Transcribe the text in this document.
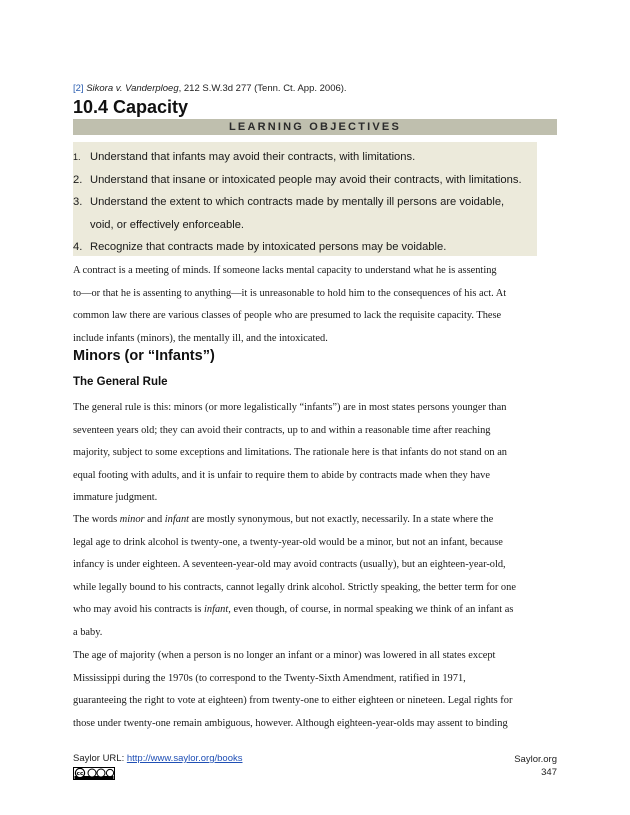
[2] Sikora v. Vanderploeg, 212 S.W.3d 277 (Tenn. Ct. App. 2006).
10.4 Capacity
LEARNING OBJECTIVES
1. Understand that infants may avoid their contracts, with limitations.
2. Understand that insane or intoxicated people may avoid their contracts, with limitations.
3. Understand the extent to which contracts made by mentally ill persons are voidable,
void, or effectively enforceable.
4. Recognize that contracts made by intoxicated persons may be voidable.

A contract is a meeting of minds. If someone lacks mental capacity to understand what he is assenting
to—or that he is assenting to anything—it is unreasonable to hold him to the consequences of his act. At
common law there are various classes of people who are presumed to lack the requisite capacity. These
include infants (minors), the mentally ill, and the intoxicated.

Minors (or “Infants”)
The General Rule

The general rule is this: minors (or more legalistically “infants”) are in most states persons younger than
seventeen years old; they can avoid their contracts, up to and within a reasonable time after reaching
majority, subject to some exceptions and limitations. The rationale here is that infants do not stand on an
equal footing with adults, and it is unfair to require them to abide by contracts made when they have
immature judgment.

The words minor and infant are mostly synonymous, but not exactly, necessarily. In a state where the
legal age to drink alcohol is twenty-one, a twenty-year-old would be a minor, but not an infant, because
infancy is under eighteen. A seventeen-year-old may avoid contracts (usually), but an eighteen-year-old,
while legally bound to his contracts, cannot legally drink alcohol. Strictly speaking, the better term for one
who may avoid his contracts is infant, even though, of course, in normal speaking we think of an infant as
a baby.

The age of majority (when a person is no longer an infant or a minor) was lowered in all states except
Mississippi during the 1970s (to correspond to the Twenty-Sixth Amendment, ratified in 1971,
guaranteeing the right to vote at eighteen) from twenty-one to either eighteen or nineteen. Legal rights for
those under twenty-one remain ambiguous, however. Although eighteen-year-olds may assent to binding

Saylor URL: http://www.saylor.org/books
cc
Saylor.org
347
